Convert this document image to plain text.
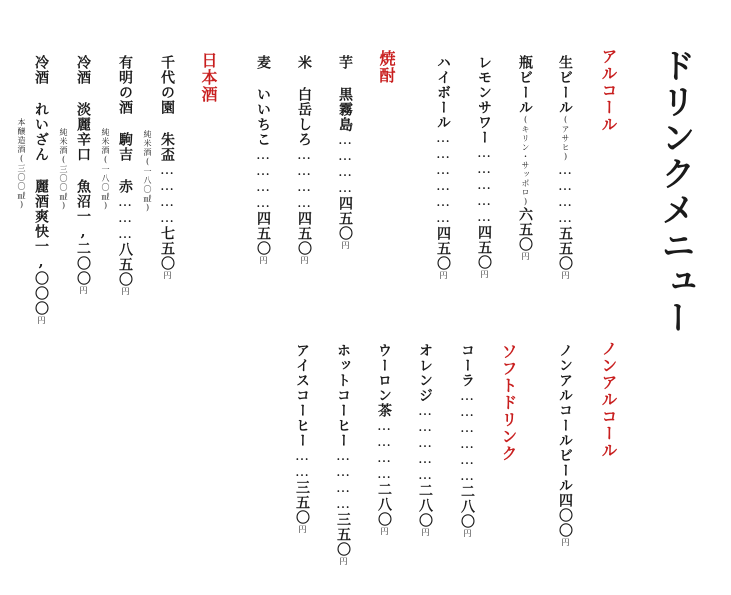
ドリンクメニュー
アルコール
生ビール(アサヒ)…………五五〇円
瓶ビール(キリン・サッポロ)六五〇円
レモンサワー……………四五〇円
ハイボール………………四五〇円
焼酎
芋 黒霧島…………四五〇円
米 白岳しろ…………四五〇円
麦 いいちこ…………四五〇円
日本酒
千代の園 朱盃…………七五〇円
純米酒(一八〇㎖)
有明の酒 駒吉 赤………八五〇円
純米酒(一八〇㎖)
冷酒 淡麗辛口 魚沼一,二〇〇円
純米酒(三〇〇㎖)
冷酒 れいざん 麗酒爽快一,〇〇〇円
本醸造酒(三〇〇㎖)
ノンアルコール
ノンアルコールビール四〇〇円
ソフトドリンク
コーラ………………二八〇円
オレンジ……………二八〇円
ウーロン茶…………二八〇円
ホットコーヒー…………三五〇円
アイスコーヒー……三五〇円
